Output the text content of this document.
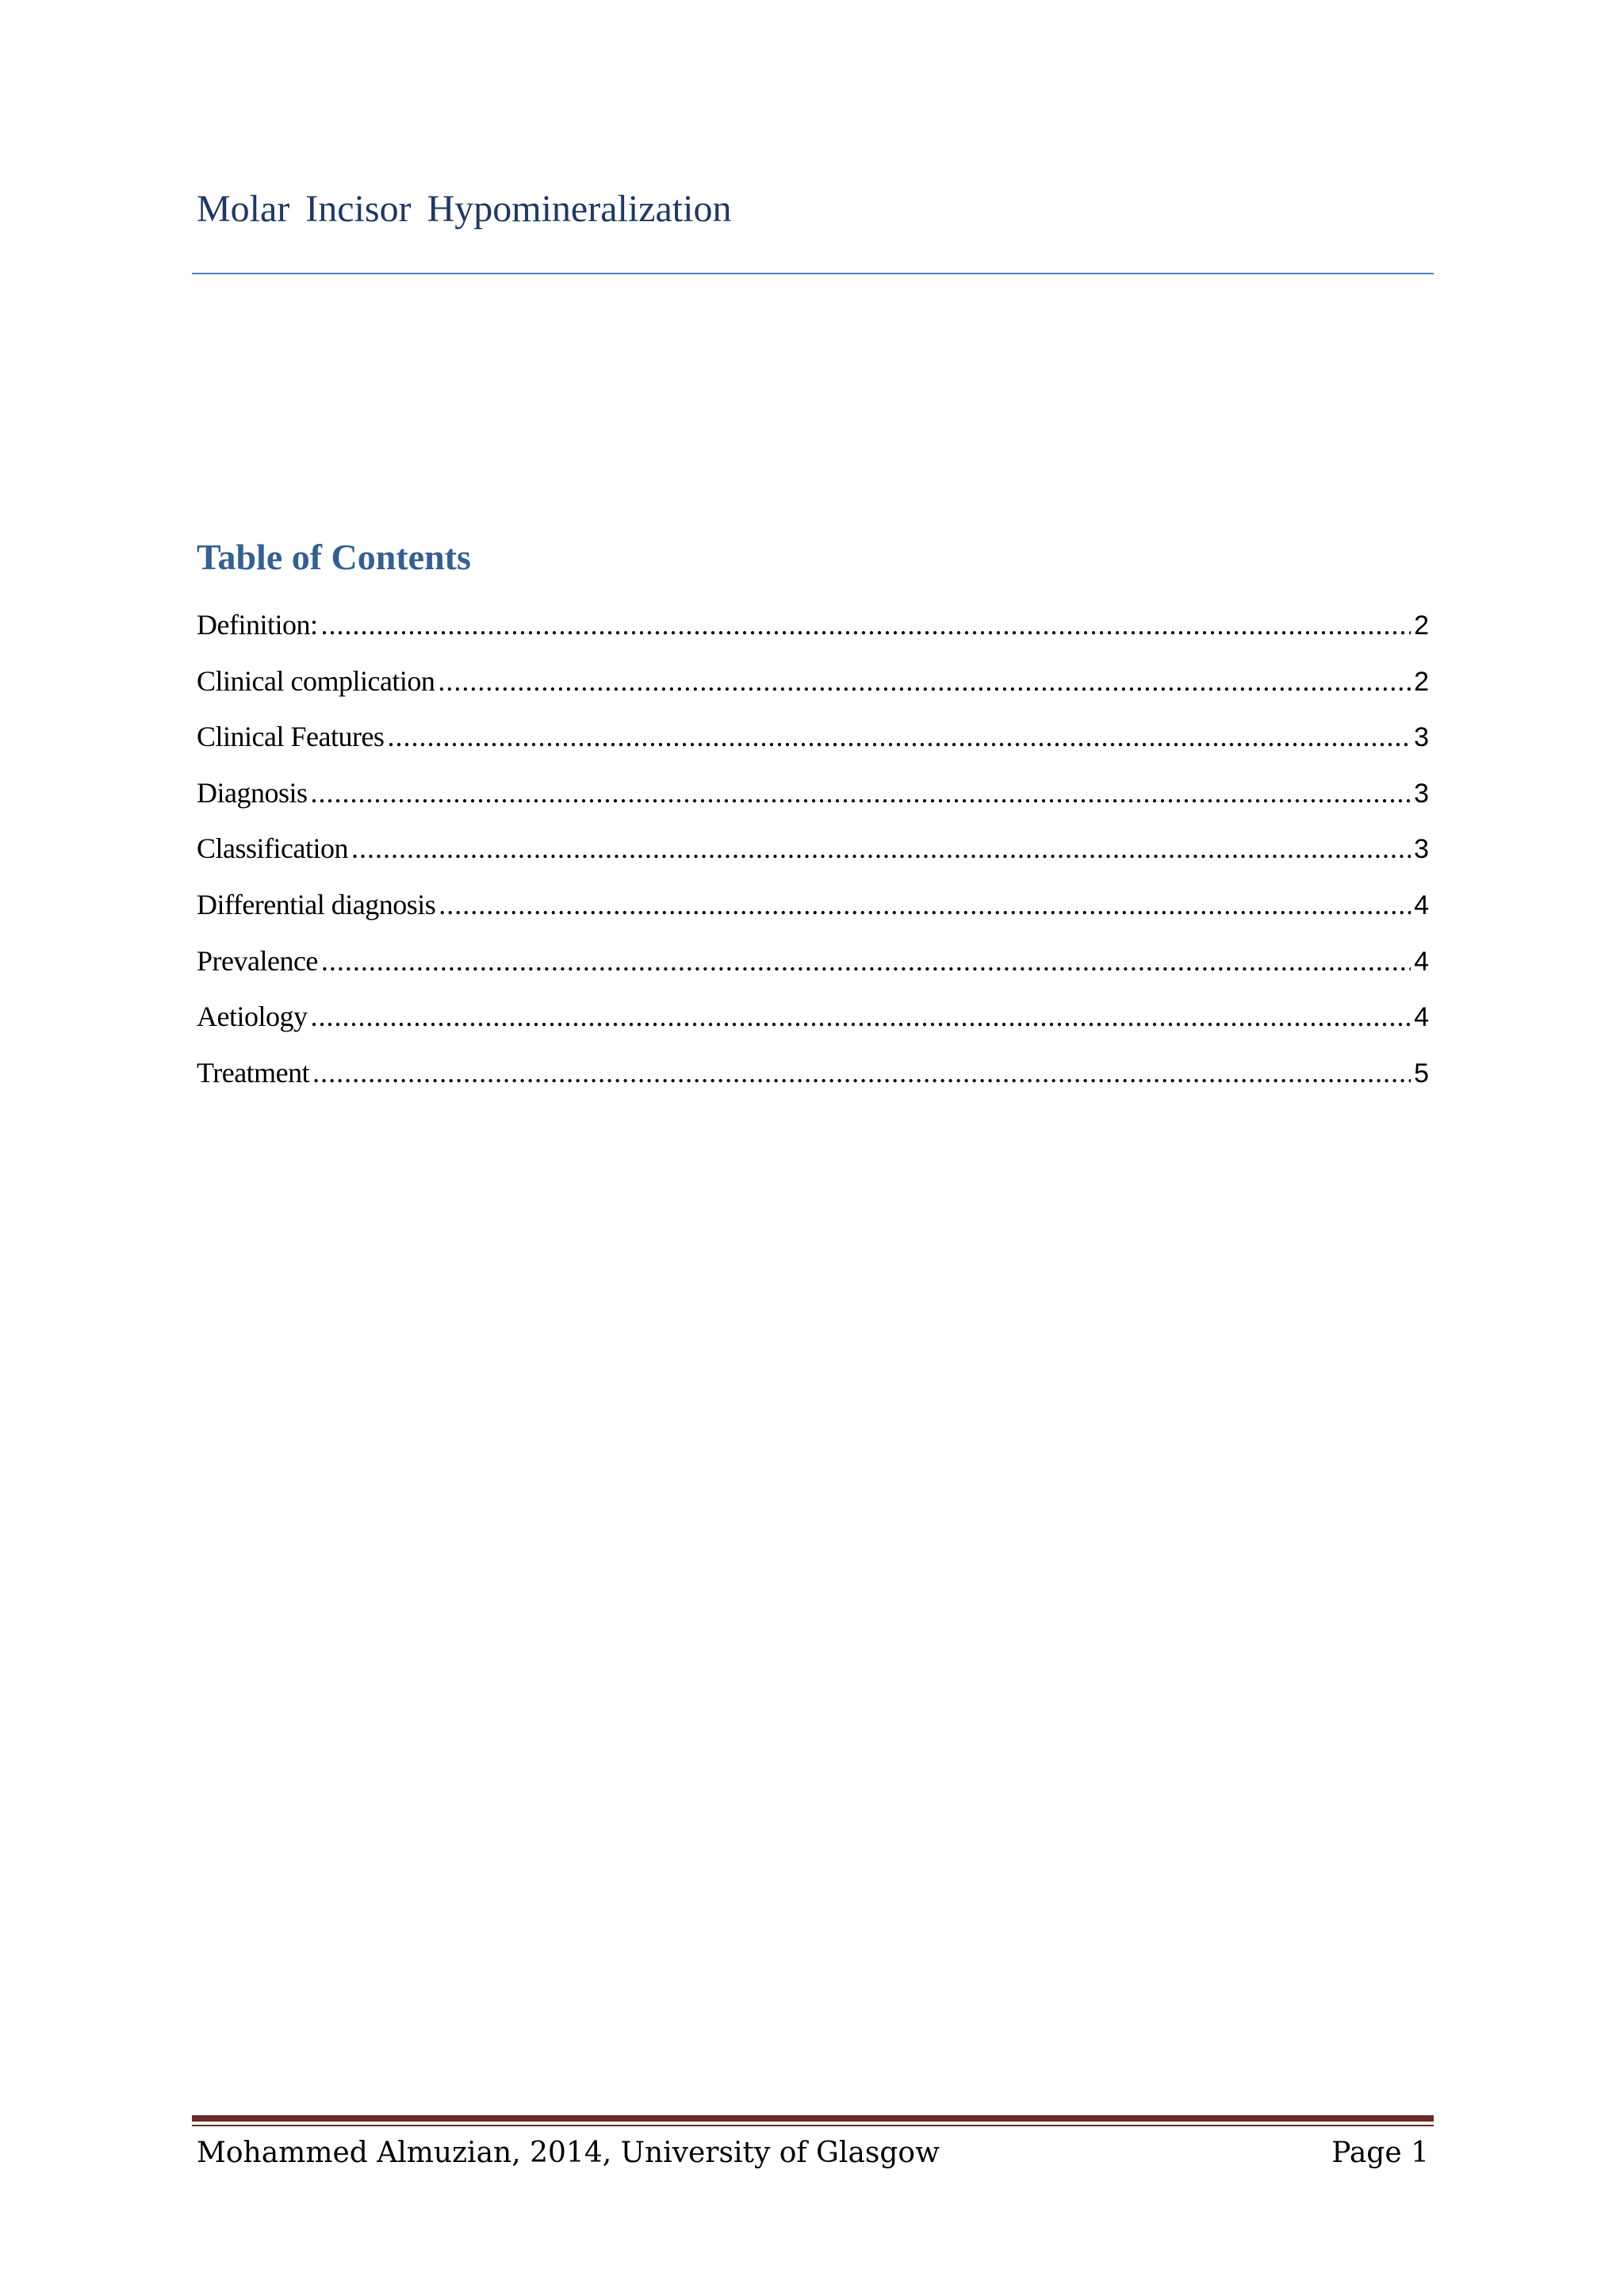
Molar Incisor Hypomineralization
Table of Contents
Definition: .....	2
Clinical complication .....	2
Clinical Features .....	3
Diagnosis .....	3
Classification .....	3
Differential diagnosis .....	4
Prevalence .....	4
Aetiology .....	4
Treatment .....	5
Mohammed Almuzian, 2014, University of Glasgow	Page 1
